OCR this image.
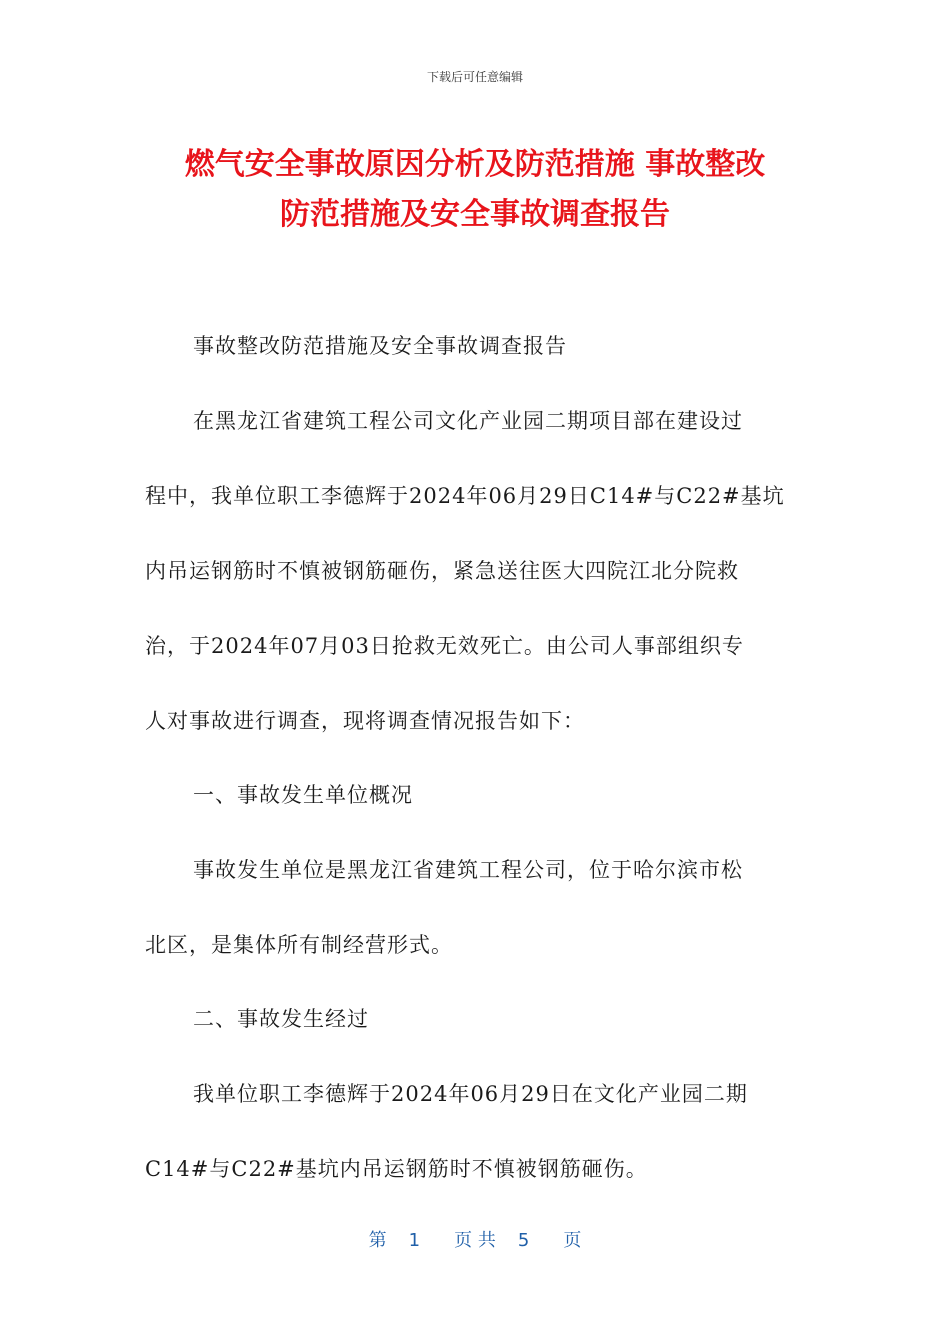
下载后可任意编辑
燃气安全事故原因分析及防范措施 事故整改
防范措施及安全事故调查报告
事故整改防范措施及安全事故调查报告
在黑龙江省建筑工程公司文化产业园二期项目部在建设过
程中，我单位职工李德辉于2024年06月29日C14#与C22#基坑
内吊运钢筋时不慎被钢筋砸伤，紧急送往医大四院江北分院救
治，于2024年07月03日抢救无效死亡。由公司人事部组织专
人对事故进行调查，现将调查情况报告如下：
一、事故发生单位概况
事故发生单位是黑龙江省建筑工程公司，位于哈尔滨市松
北区，是集体所有制经营形式。
二、事故发生经过
我单位职工李德辉于2024年06月29日在文化产业园二期
C14#与C22#基坑内吊运钢筋时不慎被钢筋砸伤。
第 1 页 共 5 页
